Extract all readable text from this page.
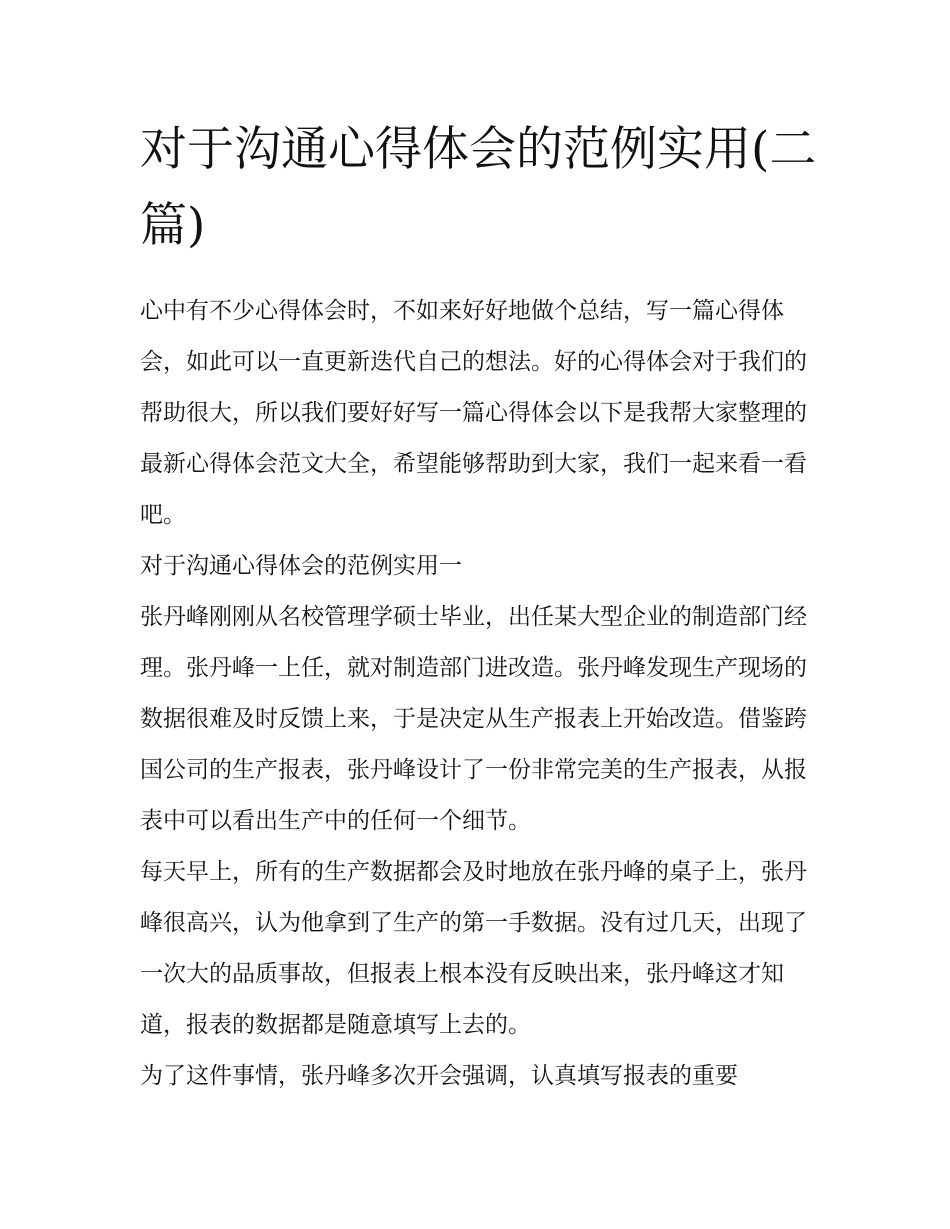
对于沟通心得体会的范例实用(二篇)

心中有不少心得体会时，不如来好好地做个总结，写一篇心得体会，如此可以一直更新迭代自己的想法。好的心得体会对于我们的帮助很大，所以我们要好好写一篇心得体会以下是我帮大家整理的最新心得体会范文大全，希望能够帮助到大家，我们一起来看一看吧。

对于沟通心得体会的范例实用一

张丹峰刚刚从名校管理学硕士毕业，出任某大型企业的制造部门经理。张丹峰一上任，就对制造部门进改造。张丹峰发现生产现场的数据很难及时反馈上来，于是决定从生产报表上开始改造。借鉴跨国公司的生产报表，张丹峰设计了一份非常完美的生产报表，从报表中可以看出生产中的任何一个细节。

每天早上，所有的生产数据都会及时地放在张丹峰的桌子上，张丹峰很高兴，认为他拿到了生产的第一手数据。没有过几天，出现了一次大的品质事故，但报表上根本没有反映出来，张丹峰这才知道，报表的数据都是随意填写上去的。

为了这件事情，张丹峰多次开会强调，认真填写报表的重要
